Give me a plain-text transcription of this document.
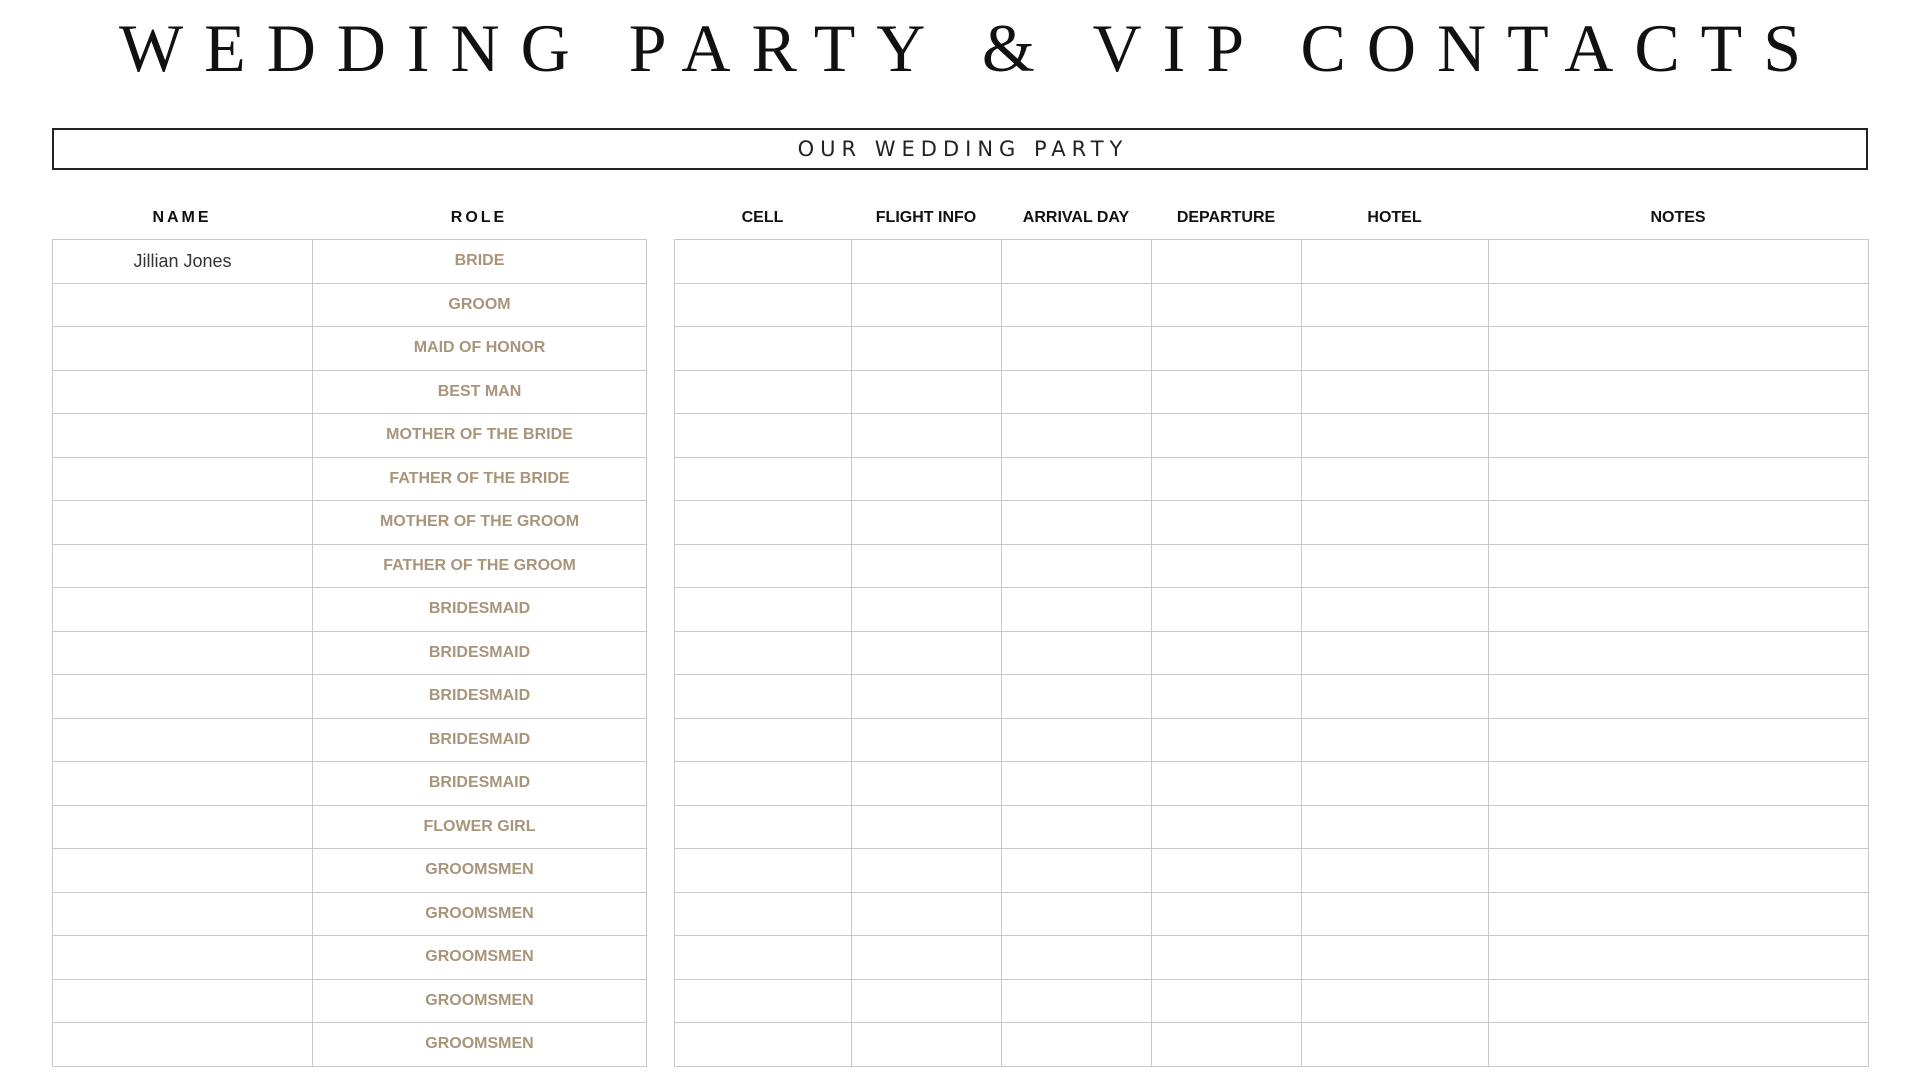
WEDDING PARTY & VIP CONTACTS
OUR WEDDING PARTY
NAME	ROLE	CELL	FLIGHT INFO	ARRIVAL DAY	DEPARTURE	HOTEL	NOTES
Jillian Jones	BRIDE
	GROOM
	MAID OF HONOR
	BEST MAN
	MOTHER OF THE BRIDE
	FATHER OF THE BRIDE
	MOTHER OF THE GROOM
	FATHER OF THE GROOM
	BRIDESMAID
	BRIDESMAID
	BRIDESMAID
	BRIDESMAID
	BRIDESMAID
	FLOWER GIRL
	GROOMSMEN
	GROOMSMEN
	GROOMSMEN
	GROOMSMEN
	GROOMSMEN
